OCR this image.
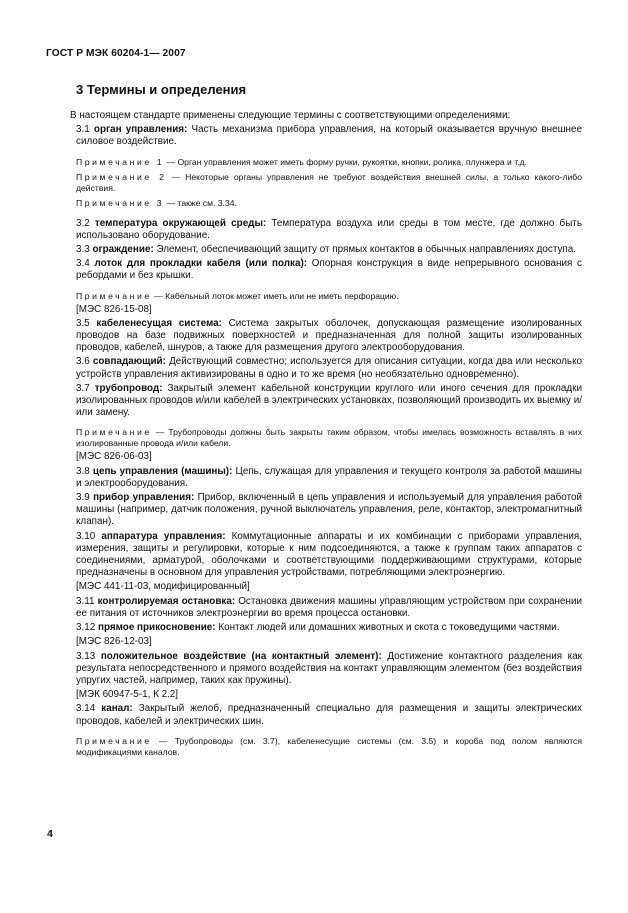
ГОСТ Р МЭК 60204-1— 2007
3 Термины и определения

В настоящем стандарте применены следующие термины с соответствующими определениями:

3.1 орган управления: Часть механизма прибора управления, на который оказывается вручную внешнее силовое воздействие.

Примечание 1 — Орган управления может иметь форму ручки, рукоятки, кнопки, ролика, плунжера и т.д.

Примечание 2 — Некоторые органы управления не требуют воздействия внешней силы, а только какого-либо действия.

Примечание 3 — также см. 3.34.

3.2 температура окружающей среды: Температура воздуха или среды в том месте, где должно быть использовано оборудование.

3.3 ограждение: Элемент, обеспечивающий защиту от прямых контактов в обычных направлениях доступа.

3.4 лоток для прокладки кабеля (или полка): Опорная конструкция в виде непрерывного основания с ребордами и без крышки.

Примечание — Кабельный лоток может иметь или не иметь перфорацию.

[МЭС 826-15-08]

3.5 кабеленесущая система: Система закрытых оболочек, допускающая размещение изолированных проводов на базе подвижных поверхностей и предназначенная для полной защиты изолированных проводов, кабелей, шнуров, а также для размещения другого электрооборудования.

3.6 совпадающий: Действующий совместно; используется для описания ситуации, когда два или несколько устройств управления активизированы в одно и то же время (но необязательно одновременно).

3.7 трубопровод: Закрытый элемент кабельной конструкции круглого или иного сечения для прокладки изолированных проводов и/или кабелей в электрических установках, позволяющий производить их выемку и/или замену.

Примечание — Трубопроводы должны быть закрыты таким образом, чтобы имелась возможность вставлять в них изолированные провода и/или кабели.

[МЭС 826-06-03]

3.8 цепь управления (машины): Цепь, служащая для управления и текущего контроля за работой машины и электрооборудования.

3.9 прибор управления: Прибор, включенный в цепь управления и используемый для управления работой машины (например, датчик положения, ручной выключатель управления, реле, контактор, электромагнитный клапан).

3.10 аппаратура управления: Коммутационные аппараты и их комбинации с приборами управления, измерения, защиты и регулировки, которые к ним подсоединяются, а также к группам таких аппаратов с соединениями, арматурой, оболочками и соответствующими поддерживающими структурами, которые предназначены в основном для управления устройствами, потребляющими электроэнергию.

[МЭС 441-11-03, модифицированный]

3.11 контролируемая остановка: Остановка движения машины управляющим устройством при сохранении ее питания от источников электроэнергии во время процесса остановки.

3.12 прямое прикосновение: Контакт людей или домашних животных и скота с токоведущими частями.

[МЭС 826-12-03]

3.13 положительное воздействие (на контактный элемент): Достижение контактного разделения как результата непосредственного и прямого воздействия на контакт управляющим элементом (без воздействия упругих частей, например, таких как пружины).

[МЭК 60947-5-1, К 2.2]

3.14 канал: Закрытый желоб, предназначенный специально для размещения и защиты электрических проводов, кабелей и электрических шин.

Примечание — Трубопроводы (см. 3.7), кабеленесущие системы (см. 3.5) и короба под полом являются модификациями каналов.

4
